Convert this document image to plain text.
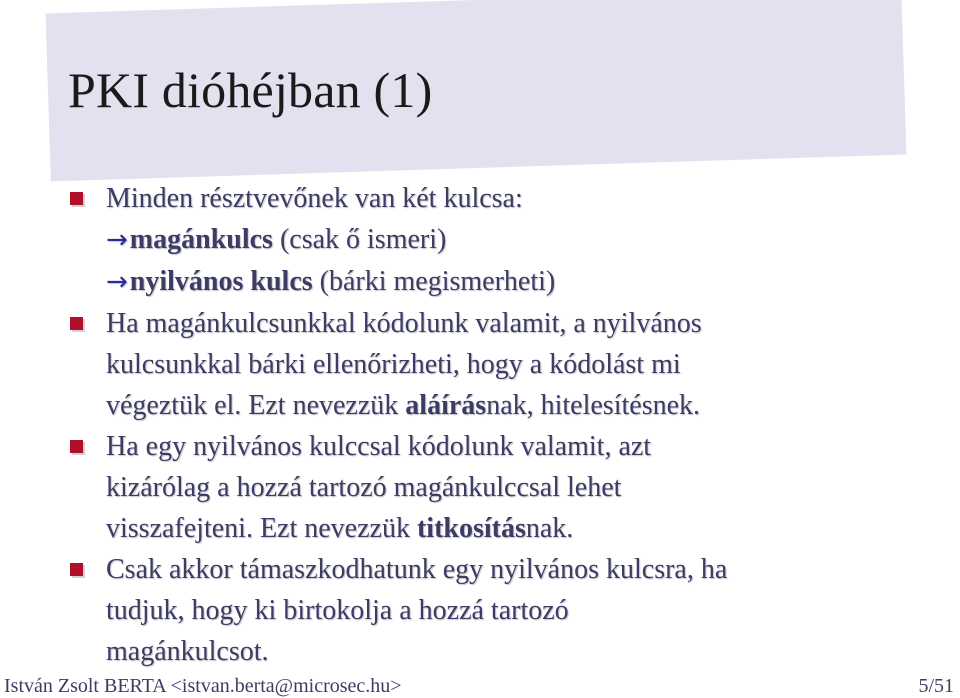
PKI dióhéjban (1)
Minden résztvevőnek van két kulcsa:
→magánkulcs (csak ő ismeri)
→nyilvános kulcs (bárki megismerheti)
Ha magánkulcsunkkal kódolunk valamit, a nyilvános
kulcsunkkal bárki ellenőrizheti, hogy a kódolást mi
végeztük el. Ezt nevezzük aláírásnak, hitelesítésnek.
Ha egy nyilvános kulccsal kódolunk valamit, azt
kizárólag a hozzá tartozó magánkulccsal lehet
visszafejteni. Ezt nevezzük titkosításnak.
Csak akkor támaszkodhatunk egy nyilvános kulcsra, ha
tudjuk, hogy ki birtokolja a hozzá tartozó
magánkulcsot.
István Zsolt BERTA <istvan.berta@microsec.hu>	5/51
